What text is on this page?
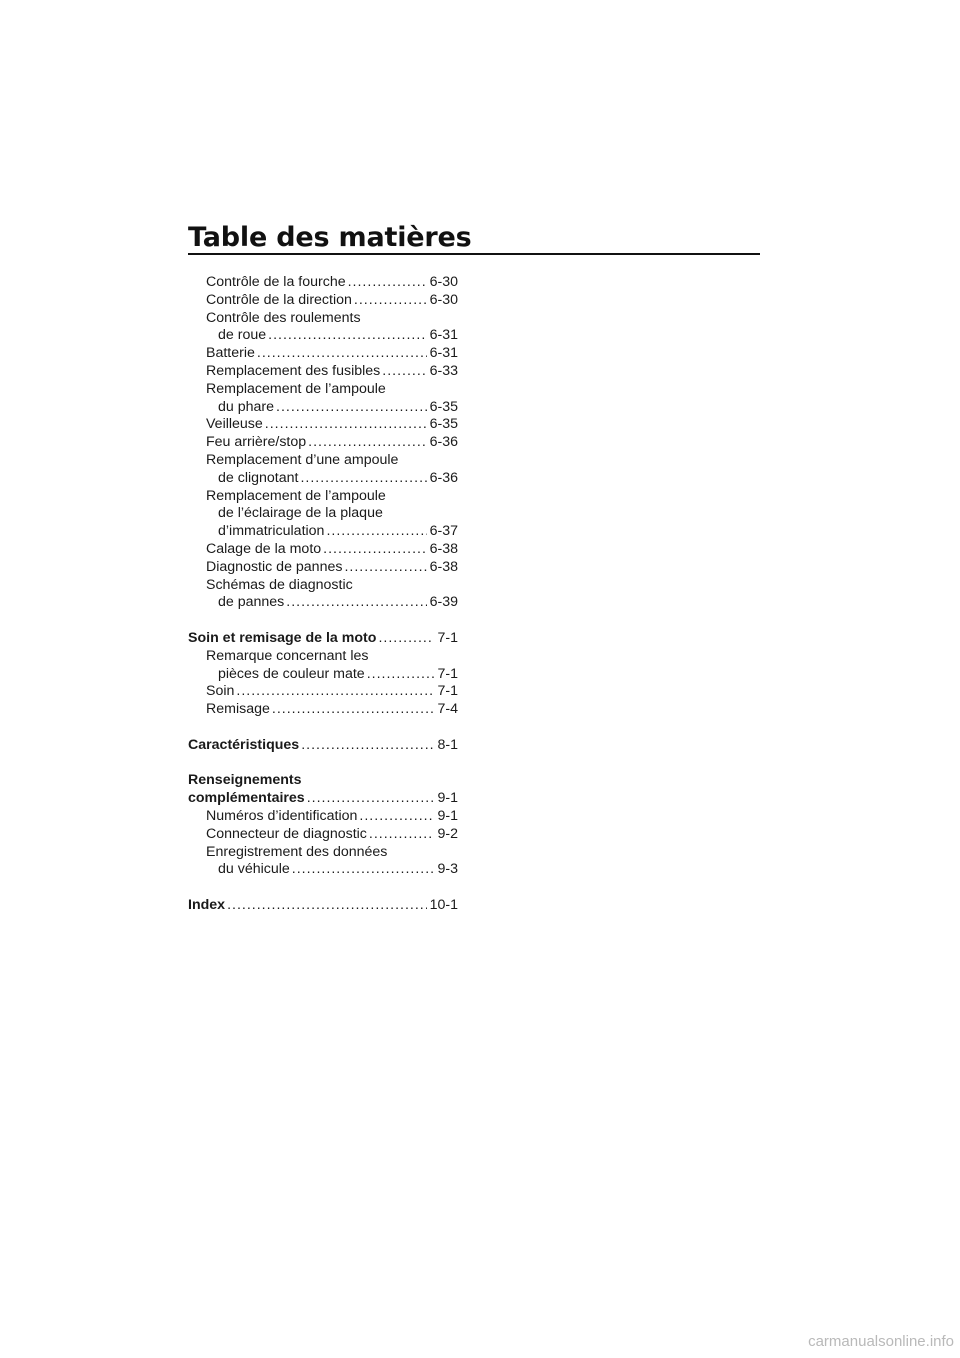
Table des matières
Contrôle de la fourche .....	6-30
Contrôle de la direction .....	6-30
Contrôle des roulements
de roue .....	6-31
Batterie .....	6-31
Remplacement des fusibles .....	6-33
Remplacement de l’ampoule
du phare .....	6-35
Veilleuse .....	6-35
Feu arrière/stop .....	6-36
Remplacement d’une ampoule
de clignotant .....	6-36
Remplacement de l’ampoule
de l’éclairage de la plaque
d’immatriculation .....	6-37
Calage de la moto .....	6-38
Diagnostic de pannes .....	6-38
Schémas de diagnostic
de pannes .....	6-39
Soin et remisage de la moto .....	7-1
Remarque concernant les
pièces de couleur mate .....	7-1
Soin .....	7-1
Remisage .....	7-4
Caractéristiques .....	8-1
Renseignements
complémentaires .....	9-1
Numéros d’identification .....	9-1
Connecteur de diagnostic .....	9-2
Enregistrement des données
du véhicule .....	9-3
Index .....	10-1
carmanualsonline.info
